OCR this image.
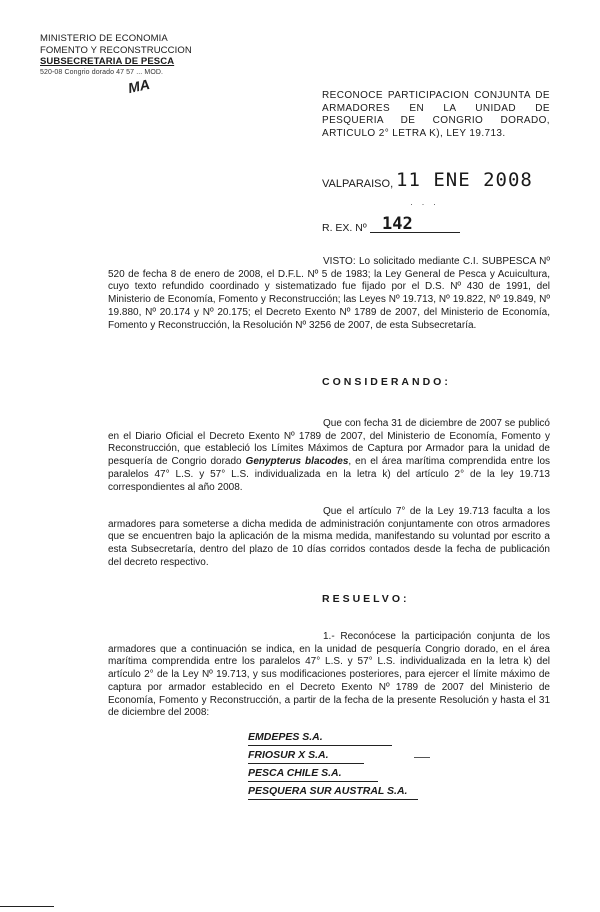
MINISTERIO DE ECONOMIA
FOMENTO Y RECONSTRUCCION
SUBSECRETARIA DE PESCA
520-08 Congrio dorado 47 57 ... MOD.
MA	RECONOCE PARTICIPACION CONJUNTA DE ARMADORES EN LA UNIDAD DE PESQUERIA DE CONGRIO DORADO, ARTICULO 2° LETRA K), LEY 19.713.
VALPARAISO, 11 ENE 2008
· · ·
R. EX. Nº 142
VISTO: Lo solicitado mediante C.I. SUBPESCA Nº 520 de fecha 8 de enero de 2008, el D.F.L. Nº 5 de 1983; la Ley General de Pesca y Acuicultura, cuyo texto refundido coordinado y sistematizado fue fijado por el D.S. Nº 430 de 1991, del Ministerio de Economía, Fomento y Reconstrucción; las Leyes Nº 19.713, Nº 19.822, Nº 19.849, Nº 19.880, Nº 20.174 y Nº 20.175; el Decreto Exento Nº 1789 de 2007, del Ministerio de Economía, Fomento y Reconstrucción, la Resolución Nº 3256 de 2007, de esta Subsecretaría.
CONSIDERANDO:
Que con fecha 31 de diciembre de 2007 se publicó en el Diario Oficial el Decreto Exento Nº 1789 de 2007, del Ministerio de Economía, Fomento y Reconstrucción, que estableció los Límites Máximos de Captura por Armador para la unidad de pesquería de Congrio dorado Genypterus blacodes, en el área marítima comprendida entre los paralelos 47° L.S. y 57° L.S. individualizada en la letra k) del artículo 2° de la ley 19.713 correspondientes al año 2008.
Que el artículo 7° de la Ley 19.713 faculta a los armadores para someterse a dicha medida de administración conjuntamente con otros armadores que se encuentren bajo la aplicación de la misma medida, manifestando su voluntad por escrito a esta Subsecretaría, dentro del plazo de 10 días corridos contados desde la fecha de publicación del decreto respectivo.
RESUELVO:
1.- Reconócese la participación conjunta de los armadores que a continuación se indica, en la unidad de pesquería Congrio dorado, en el área marítima comprendida entre los paralelos 47° L.S. y 57° L.S. individualizada en la letra k) del artículo 2° de la Ley Nº 19.713, y sus modificaciones posteriores, para ejercer el límite máximo de captura por armador establecido en el Decreto Exento Nº 1789 de 2007 del Ministerio de Economía, Fomento y Reconstrucción, a partir de la fecha de la presente Resolución y hasta el 31 de diciembre del 2008:
EMDEPES S.A.
FRIOSUR X S.A.
PESCA CHILE S.A.
PESQUERA SUR AUSTRAL S.A.
